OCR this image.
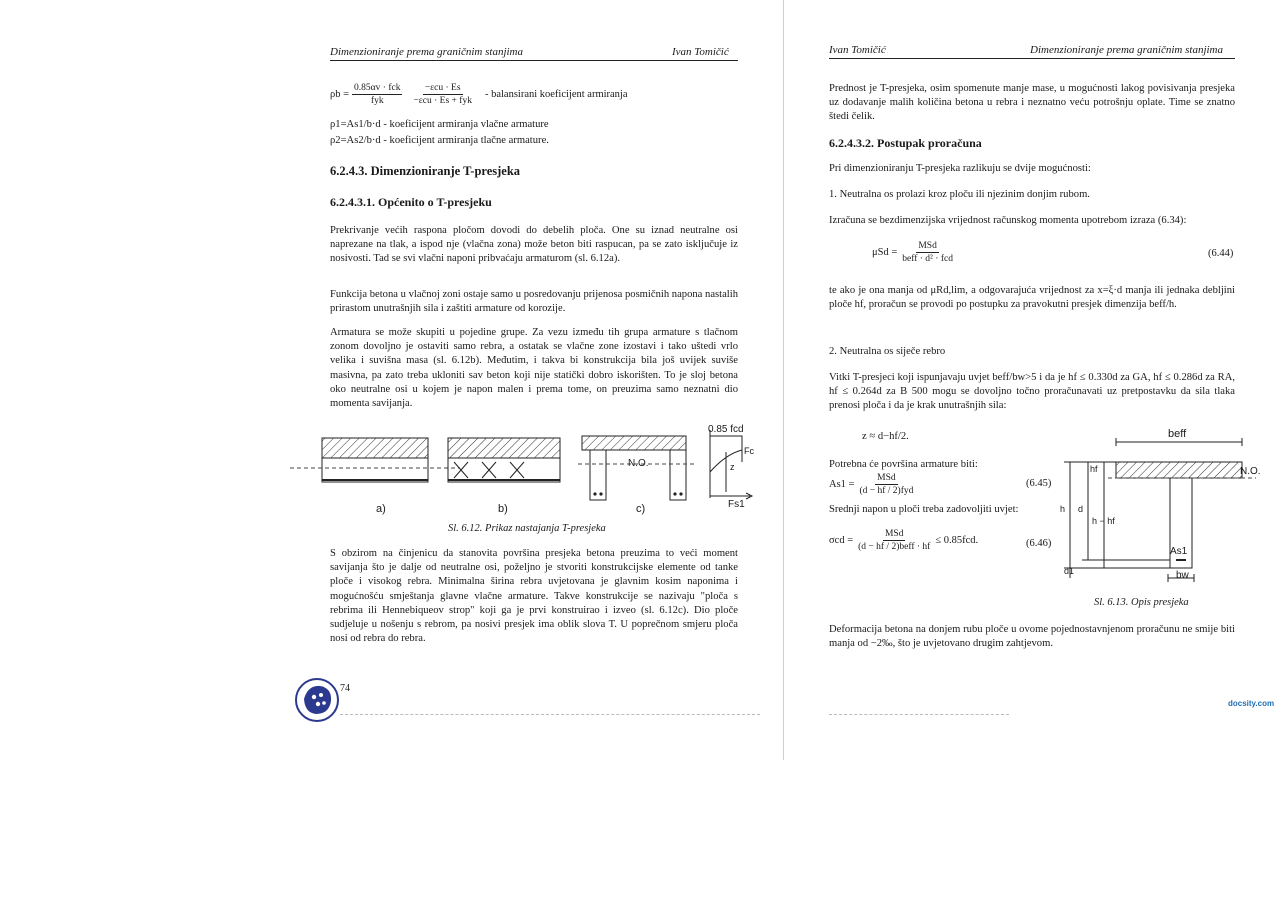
Dimenzioniranje prema graničnim stanjima	Ivan Tomičić
$\rho b = \frac{\text{0.85αv · fck}}{\text{fyk}} \frac{\text{−εcu · Es}}{\text{−εcu · Es + fyk}}$ - balansirani koeficijent armiranja
ρ1=As1/b·d - koeficijent armiranja vlačne armature
ρ2=As2/b·d - koeficijent armiranja tlačne armature.
6.2.4.3. Dimenzioniranje T-presjeka
6.2.4.3.1. Općenito o T-presjeku
Prekrivanje većih raspona pločom dovodi do debelih ploča. One su iznad neutralne osi naprezane na tlak, a ispod nje (vlačna zona) može beton biti raspucan, pa se zato isključuje iz nosivosti. Tad se svi vlačni naponi pribvaćaju armaturom (sl. 6.12a).
Funkcija betona u vlačnoj zoni ostaje samo u posredovanju prijenosa posmičnih napona nastalih prirastom unutrašnjih sila i zaštiti armature od korozije.
Armatura se može skupiti u pojedine grupe. Za vezu između tih grupa armature s tlačnom zonom dovoljno je ostaviti samo rebra, a ostatak se vlačne zone izostavi i tako uštedi vrlo velika i suvišna masa (sl. 6.12b). Međutim, i takva bi konstrukcija bila još uvijek suviše masivna, pa zato treba ukloniti sav beton koji nije statički dobro iskorišten. To je sloj betona oko neutralne osi u kojem je napon malen i prema tome, on preuzima samo neznatni dio momenta savijanja.
a)	b)	c)
N.O.
0.85 fcd
Fc
z
Fs1
Sl. 6.12. Prikaz nastajanja T-presjeka
S obzirom na činjenicu da stanovita površina presjeka betona preuzima to veći moment savijanja što je dalje od neutralne osi, poželjno je stvoriti konstrukcijske elemente od tanke ploče i visokog rebra. Minimalna širina rebra uvjetovana je glavnim kosim naponima i mogućnošću smještanja glavne vlačne armature. Takve konstrukcije se nazivaju "ploča s rebrima ili Hennebiqueov strop" koji ga je prvi konstruirao i izveo (sl. 6.12c). Dio ploče sudjeluje u nošenju s rebrom, pa nosivi presjek ima oblik slova T. U poprečnom smjeru ploča nosi od rebra do rebra.
74
Ivan Tomičić	Dimenzioniranje prema graničnim stanjima
Prednost je T-presjeka, osim spomenute manje mase, u mogućnosti lakog povisivanja presjeka uz dodavanje malih količina betona u rebra i neznatno veću potrošnju oplate. Time se znatno štedi čelik.
6.2.4.3.2. Postupak proračuna
Pri dimenzioniranju T-presjeka razlikuju se dvije mogućnosti:
1. Neutralna os prolazi kroz ploču ili njezinim donjim rubom.
Izračuna se bezdimenzijska vrijednost računskog momenta upotrebom izraza (6.34):
$\mu Sd = \frac{\text{MSd}}{\text{beff · d² · fcd}}$	(6.44)
te ako je ona manja od μRd,lim, a odgovarajuća vrijednost za x=ξ·d manja ili jednaka debljini ploče hf, proračun se provodi po postupku za pravokutni presjek dimenzija beff/h.
2. Neutralna os siječe rebro
Vitki T-presjeci koji ispunjavaju uvjet beff/bw>5 i da je hf ≤ 0.330d za GA, hf ≤ 0.286d za RA, hf ≤ 0.264d za B 500 mogu se dovoljno točno proračunavati uz pretpostavku da sila tlaka prenosi ploča i da je krak unutrašnjih sila:
z ≈ d−hf/2.
Potrebna će površina armature biti:
$As1 = \frac{\text{MSd}}{\text{(d − hf / 2)fyd}}$	(6.45)
Srednji napon u ploči treba zadovoljiti uvjet:
$\sigma cd = \frac{\text{MSd}}{\text{(d − hf / 2)beff · hf}} \le 0.85fcd$.	(6.46)
beff
hf
h d
h − hf
d1
N.O.
As1
bw
Sl. 6.13. Opis presjeka
Deformacija betona na donjem rubu ploče u ovome pojednostavnjenom proračunu ne smije biti manja od −2‰, što je uvjetovano drugim zahtjevom.
docsity.com
